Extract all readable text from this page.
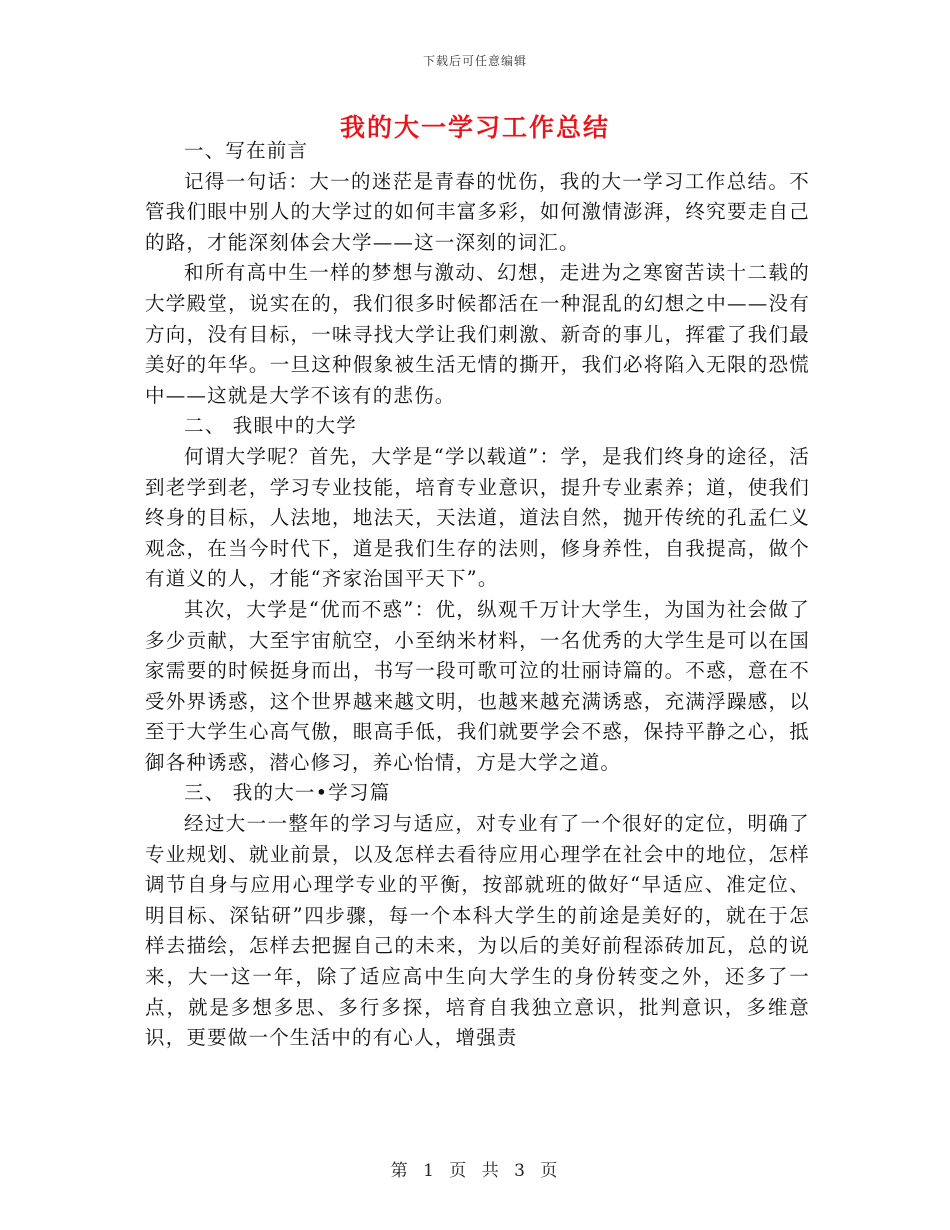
下载后可任意编辑
我的大一学习工作总结

一、写在前言

记得一句话：大一的迷茫是青春的忧伤，我的大一学习工作总结。不管我们眼中别人的大学过的如何丰富多彩，如何激情澎湃，终究要走自己的路，才能深刻体会大学——这一深刻的词汇。

和所有高中生一样的梦想与激动、幻想，走进为之寒窗苦读十二载的大学殿堂，说实在的，我们很多时候都活在一种混乱的幻想之中——没有方向，没有目标，一味寻找大学让我们刺激、新奇的事儿，挥霍了我们最美好的年华。一旦这种假象被生活无情的撕开，我们必将陷入无限的恐慌中——这就是大学不该有的悲伤。

二、 我眼中的大学

何谓大学呢？首先，大学是“学以载道”：学，是我们终身的途径，活到老学到老，学习专业技能，培育专业意识，提升专业素养；道，使我们终身的目标，人法地，地法天，天法道，道法自然，抛开传统的孔孟仁义观念，在当今时代下，道是我们生存的法则，修身养性，自我提高，做个有道义的人，才能“齐家治国平天下”。

其次，大学是“优而不惑”：优，纵观千万计大学生，为国为社会做了多少贡献，大至宇宙航空，小至纳米材料，一名优秀的大学生是可以在国家需要的时候挺身而出，书写一段可歌可泣的壮丽诗篇的。不惑，意在不受外界诱惑，这个世界越来越文明，也越来越充满诱惑，充满浮躁感，以至于大学生心高气傲，眼高手低，我们就要学会不惑，保持平静之心，抵御各种诱惑，潜心修习，养心怡情，方是大学之道。

三、 我的大一•学习篇

经过大一一整年的学习与适应，对专业有了一个很好的定位，明确了专业规划、就业前景，以及怎样去看待应用心理学在社会中的地位，怎样调节自身与应用心理学专业的平衡，按部就班的做好“早适应、准定位、明目标、深钻研”四步骤，每一个本科大学生的前途是美好的，就在于怎样去描绘，怎样去把握自己的未来，为以后的美好前程添砖加瓦，总的说来，大一这一年，除了适应高中生向大学生的身份转变之外，还多了一点，就是多想多思、多行多探，培育自我独立意识，批判意识，多维意识，更要做一个生活中的有心人，增强责

第 1 页 共 3 页
